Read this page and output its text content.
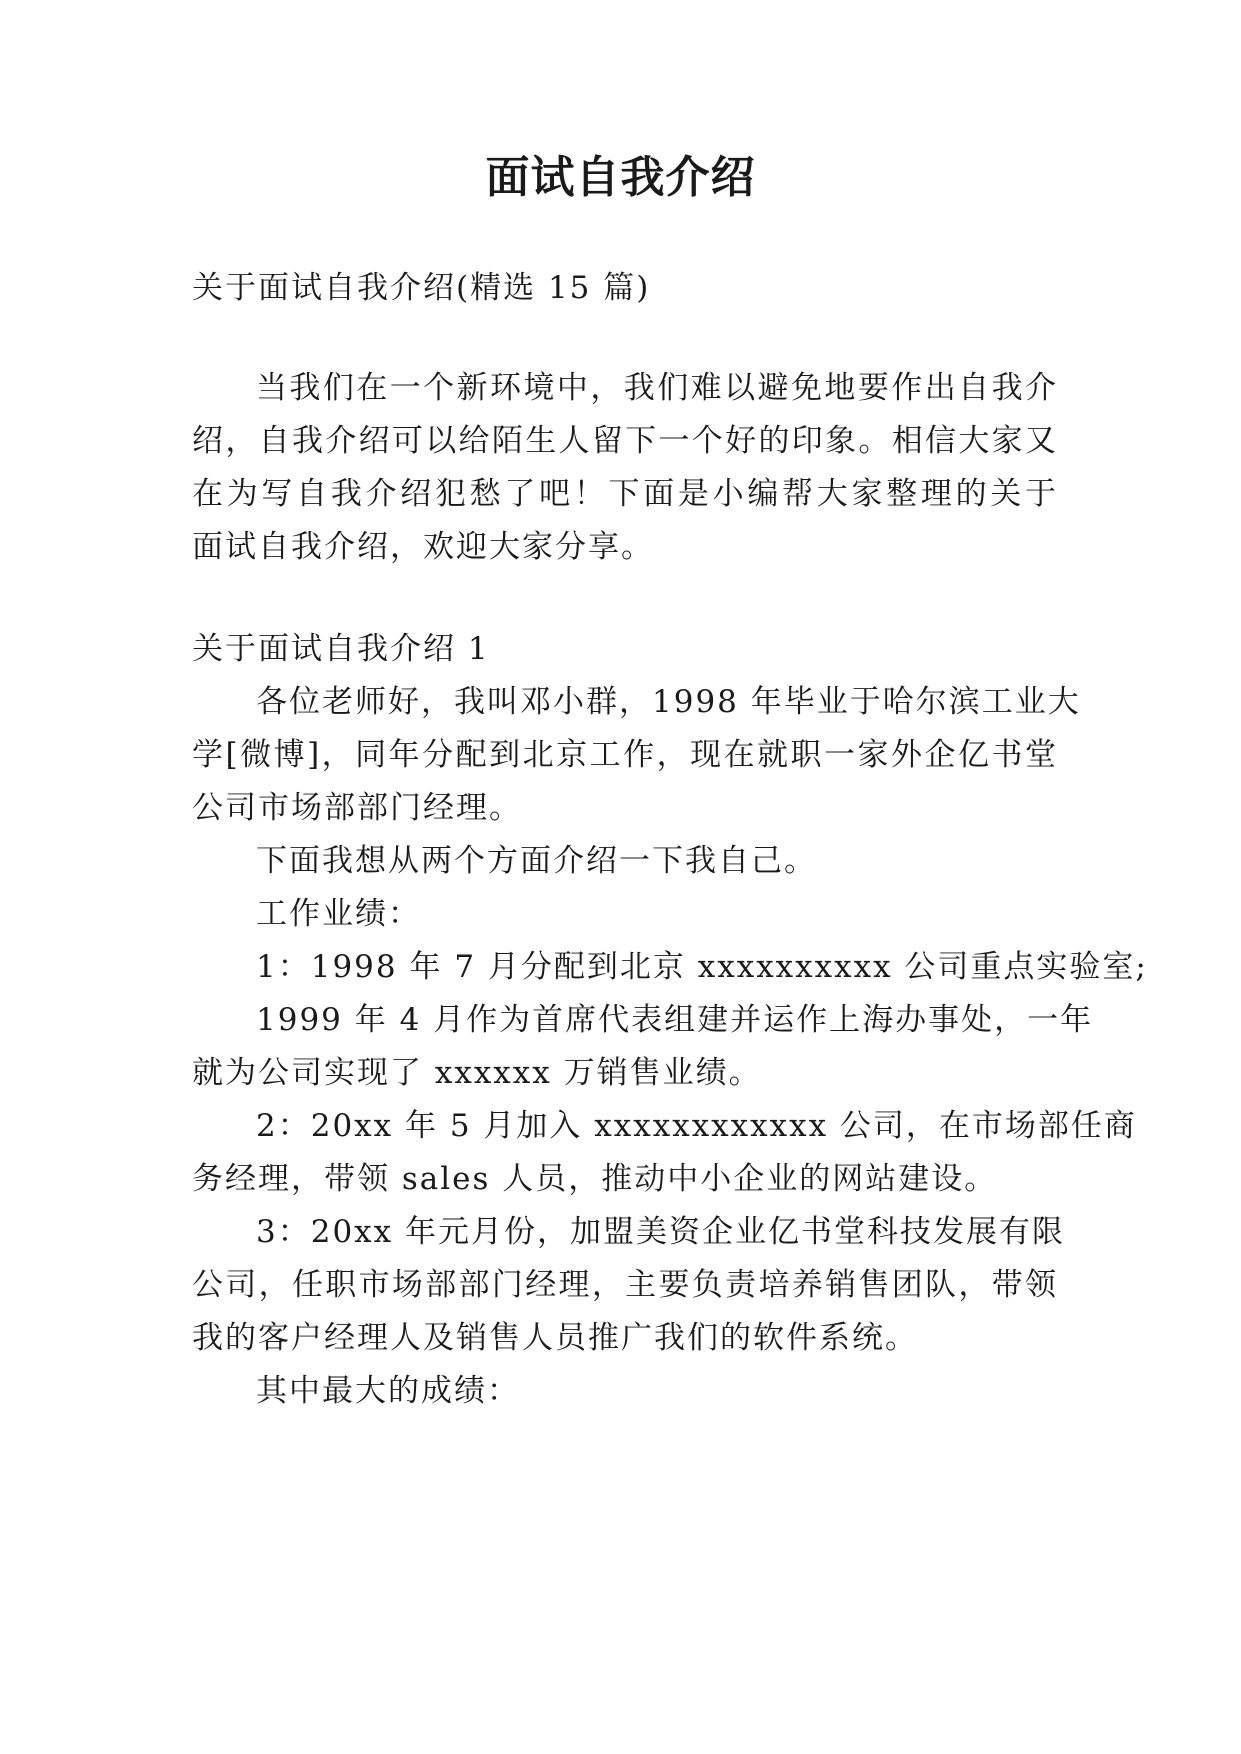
面试自我介绍
关于面试自我介绍(精选 15 篇)
当我们在一个新环境中，我们难以避免地要作出自我介
绍，自我介绍可以给陌生人留下一个好的印象。相信大家又
在为写自我介绍犯愁了吧！下面是小编帮大家整理的关于
面试自我介绍，欢迎大家分享。
关于面试自我介绍 1
各位老师好，我叫邓小群，1998 年毕业于哈尔滨工业大
学[微博]，同年分配到北京工作，现在就职一家外企亿书堂
公司市场部部门经理。
下面我想从两个方面介绍一下我自己。
工作业绩：
1：1998 年 7 月分配到北京 xxxxxxxxxx 公司重点实验室;
1999 年 4 月作为首席代表组建并运作上海办事处，一年
就为公司实现了 xxxxxx 万销售业绩。
2：20xx 年 5 月加入 xxxxxxxxxxxx 公司，在市场部任商
务经理，带领 sales 人员，推动中小企业的网站建设。
3：20xx 年元月份，加盟美资企业亿书堂科技发展有限
公司，任职市场部部门经理，主要负责培养销售团队，带领
我的客户经理人及销售人员推广我们的软件系统。
其中最大的成绩：
